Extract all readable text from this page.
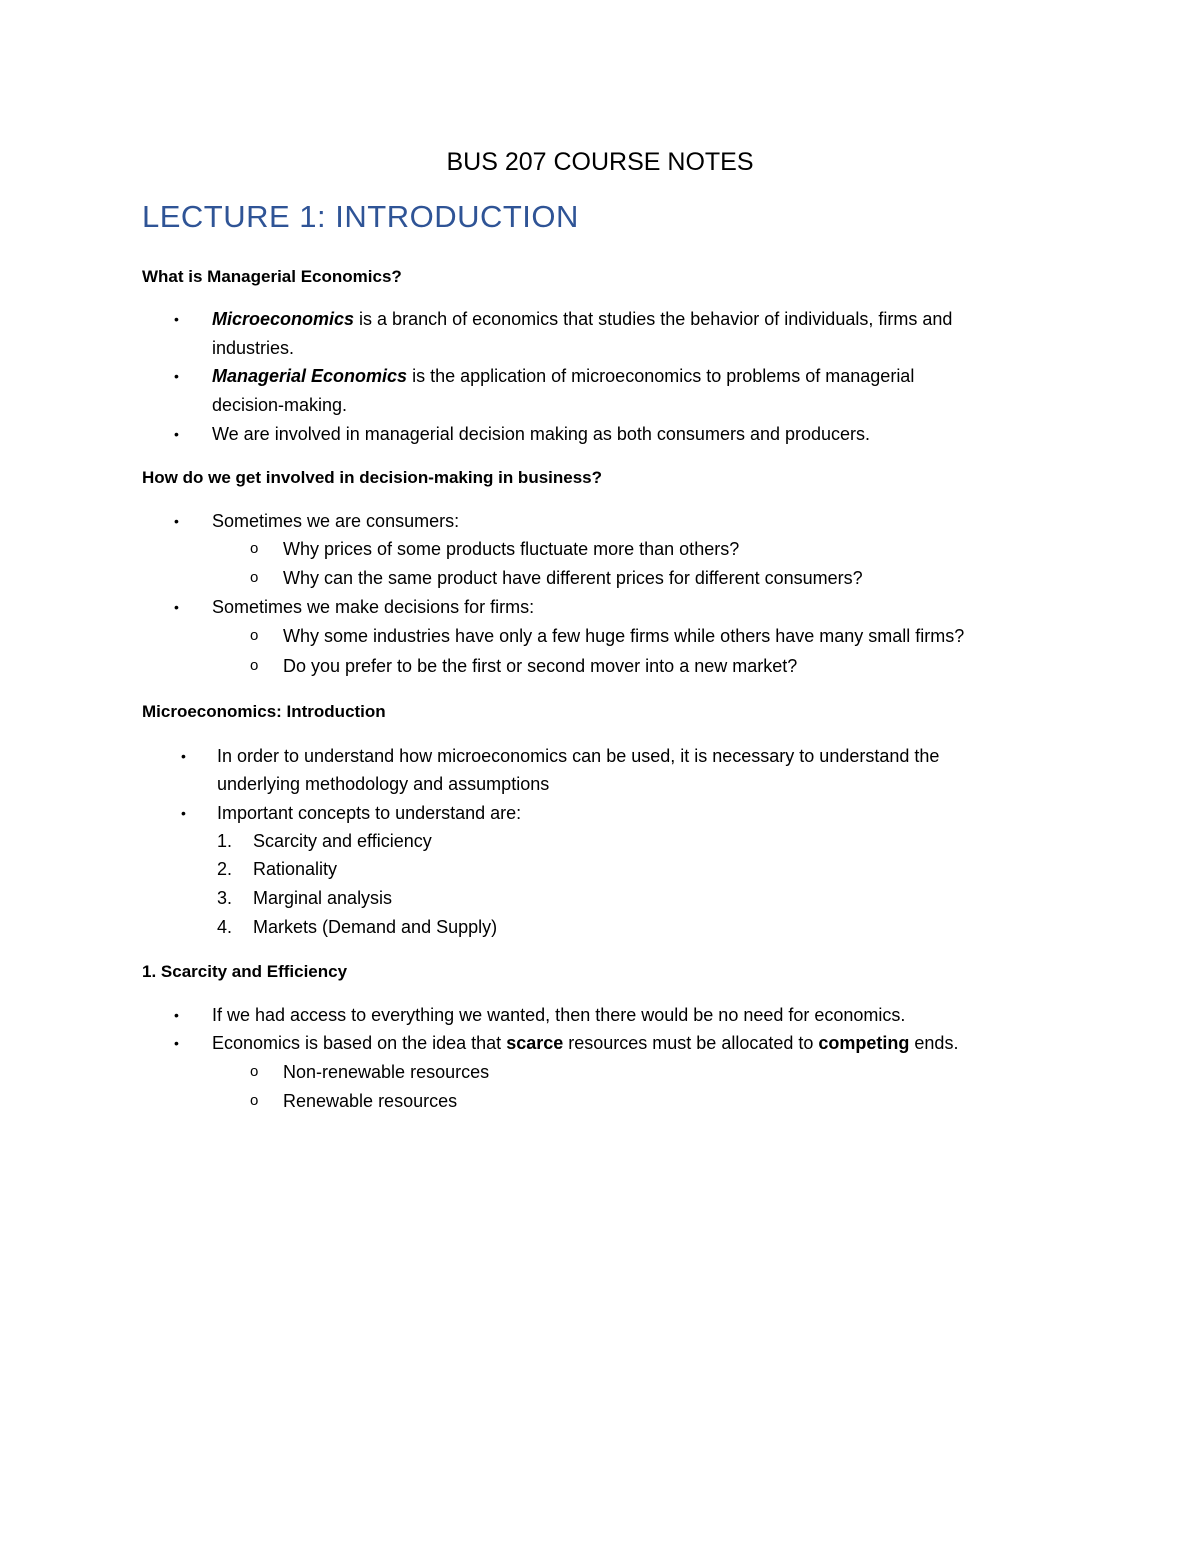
BUS 207 COURSE NOTES
LECTURE 1: INTRODUCTION
What is Managerial Economics?
• Microeconomics is a branch of economics that studies the behavior of individuals, firms and

industries.

• Managerial Economics is the application of microeconomics to problems of managerial

decision-making.

• We are involved in managerial decision making as both consumers and producers.

How do we get involved in decision-making in business?
• Sometimes we are consumers:

o Why prices of some products fluctuate more than others?

o Why can the same product have different prices for different consumers?

• Sometimes we make decisions for firms:

o Why some industries have only a few huge firms while others have many small firms?

o Do you prefer to be the first or second mover into a new market?

Microeconomics: Introduction
• In order to understand how microeconomics can be used, it is necessary to understand the

underlying methodology and assumptions

• Important concepts to understand are:

1. Scarcity and efficiency

2. Rationality

3. Marginal analysis

4. Markets (Demand and Supply)

1. Scarcity and Efficiency
• If we had access to everything we wanted, then there would be no need for economics.

• Economics is based on the idea that scarce resources must be allocated to competing ends.

o Non-renewable resources

o Renewable resources
